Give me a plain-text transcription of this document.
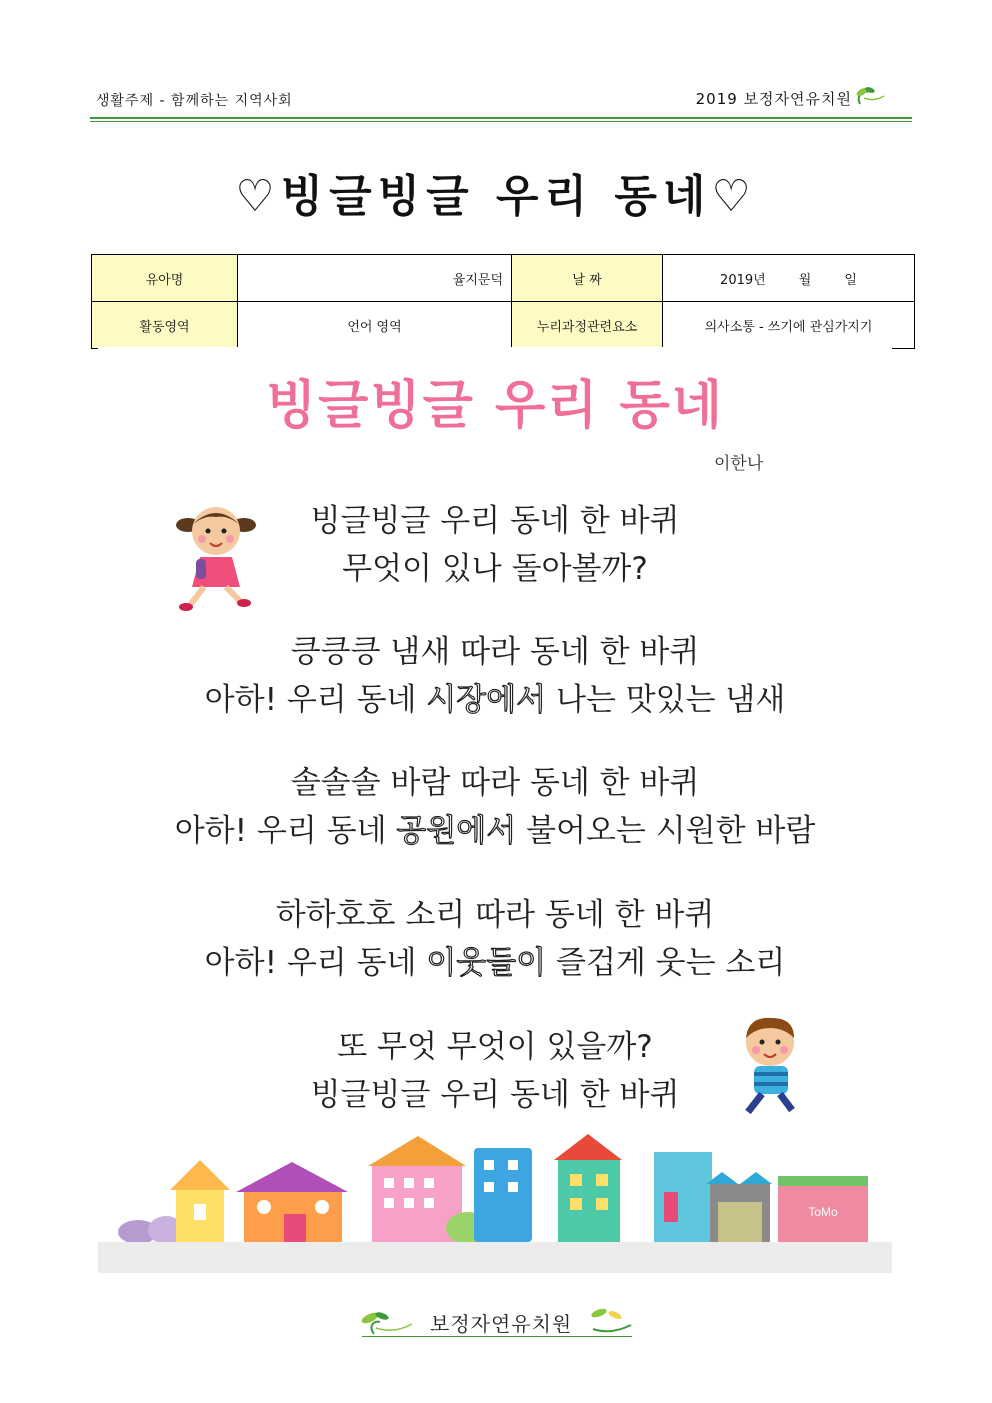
생활주제 - 함께하는 지역사회	2019 보정자연유치원
♡빙글빙글 우리 동네♡
유아명	율지문덕	날 짜	2019년        월        일
활동영역	언어 영역	누리과정관련요소	의사소통 - 쓰기에 관심가지기
빙글빙글 우리 동네
이한나
빙글빙글 우리 동네 한 바퀴
무엇이 있나 돌아볼까?
킁킁킁 냄새 따라 동네 한 바퀴
아하! 우리 동네 시장에서 나는 맛있는 냄새
솔솔솔 바람 따라 동네 한 바퀴
아하! 우리 동네 공원에서 불어오는 시원한 바람
하하호호 소리 따라 동네 한 바퀴
아하! 우리 동네 이웃들이 즐겁게 웃는 소리
또 무엇 무엇이 있을까?
빙글빙글 우리 동네 한 바퀴
ToMo
보정자연유치원
